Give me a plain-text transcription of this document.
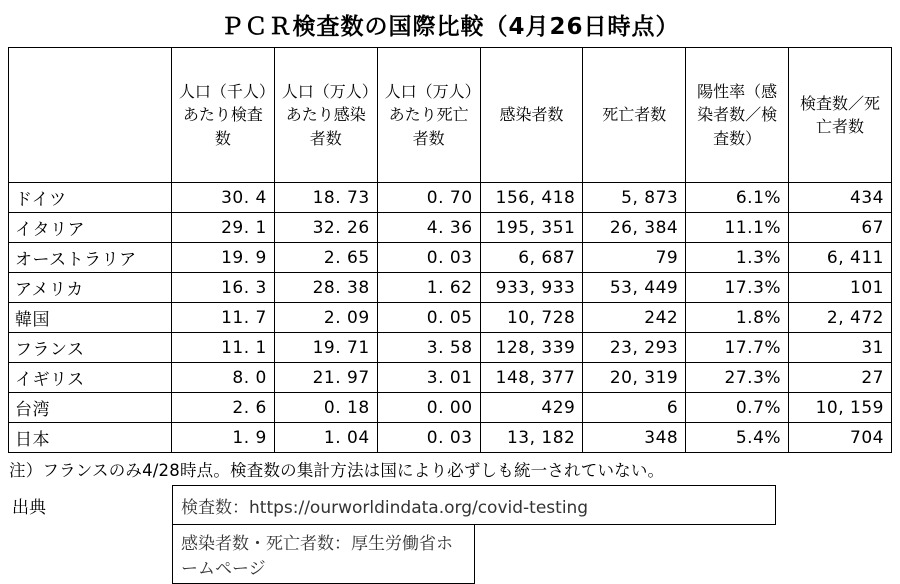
ＰＣＲ検査数の国際比較（4月26日時点）
	人口（千人）あたり検査数	人口（万人）あたり感染者数	人口（万人）あたり死亡者数	感染者数	死亡者数	陽性率（感染者数／検査数）	検査数／死亡者数
ドイツ	30. 4	18. 73	0. 70	156, 418	5, 873	6.1%	434
イタリア	29. 1	32. 26	4. 36	195, 351	26, 384	11.1%	67
オーストラリア	19. 9	2. 65	0. 03	6, 687	79	1.3%	6, 411
アメリカ	16. 3	28. 38	1. 62	933, 933	53, 449	17.3%	101
韓国	11. 7	2. 09	0. 05	10, 728	242	1.8%	2, 472
フランス	11. 1	19. 71	3. 58	128, 339	23, 293	17.7%	31
イギリス	8. 0	21. 97	3. 01	148, 377	20, 319	27.3%	27
台湾	2. 6	0. 18	0. 00	429	6	0.7%	10, 159
日本	1. 9	1. 04	0. 03	13, 182	348	5.4%	704
注）フランスのみ4/28時点。検査数の集計方法は国により必ずしも統一されていない。
出典	検査数：https://ourworldindata.org/covid-testing		
	感染者数・死亡者数：厚生労働省ホームページ		
